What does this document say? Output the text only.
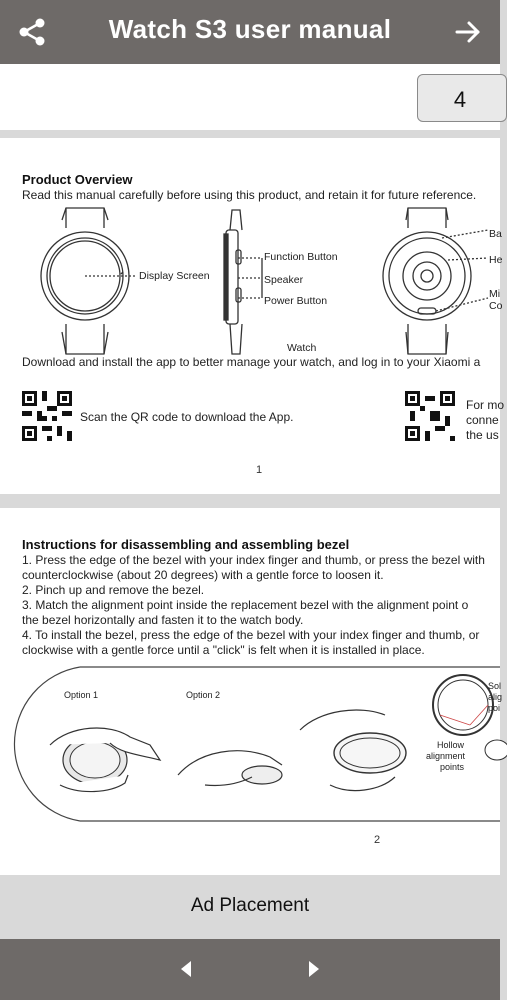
Watch S3 user manual
4
Product Overview
Read this manual carefully before using this product, and retain it for future reference.
Display Screen
Function Button
Speaker
Power Button
Ba
He
Mi
Co
Watch
Download and install the app to better manage your watch, and log in to your Xiaomi a
Scan the QR code to download the App.
For mo
conne
the us
1
Instructions for disassembling and assembling bezel
1. Press the edge of the bezel with your index finger and thumb, or press the bezel with
counterclockwise (about 20 degrees) with a gentle force to loosen it.
2. Pinch up and remove the bezel.
3. Match the alignment point inside the replacement bezel with the alignment point o
the bezel horizontally and fasten it to the watch body.
4. To install the bezel, press the edge of the bezel with your index finger and thumb, or
clockwise with a gentle force until a "click" is felt when it is installed in place.
Option 1	Option 2
Hollow
alignment
points
Sol
alig
poi
2
Ad Placement
